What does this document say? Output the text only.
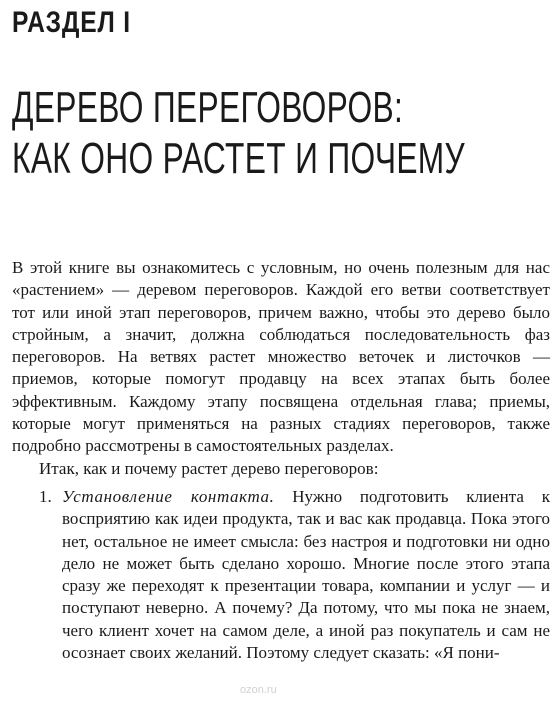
РАЗДЕЛ I
ДЕРЕВО ПЕРЕГОВОРОВ:
КАК ОНО РАСТЕТ И ПОЧЕМУ

В этой книге вы ознакомитесь с условным, но очень полезным для нас «растением» — деревом переговоров. Каждой его ветви соответствует тот или иной этап переговоров, причем важно, чтобы это дерево было стройным, а значит, должна соблюдаться последовательность фаз переговоров. На ветвях растет множество веточек и листочков — приемов, которые помогут продавцу на всех этапах быть более эффективным. Каждому этапу посвящена отдельная глава; приемы, которые могут применяться на разных стадиях переговоров, также подробно рассмотрены в самостоятельных разделах.

Итак, как и почему растет дерево переговоров:

1. Установление контакта. Нужно подготовить клиента к восприятию как идеи продукта, так и вас как продавца. Пока этого нет, остальное не имеет смысла: без настроя и подготовки ни одно дело не может быть сделано хорошо. Многие после этого этапа сразу же переходят к презентации товара, компании и услуг — и поступают неверно. А почему? Да потому, что мы пока не знаем, чего клиент хочет на самом деле, а иной раз покупатель и сам не осознает своих желаний. Поэтому следует сказать: «Я пони-
ozon.ru
